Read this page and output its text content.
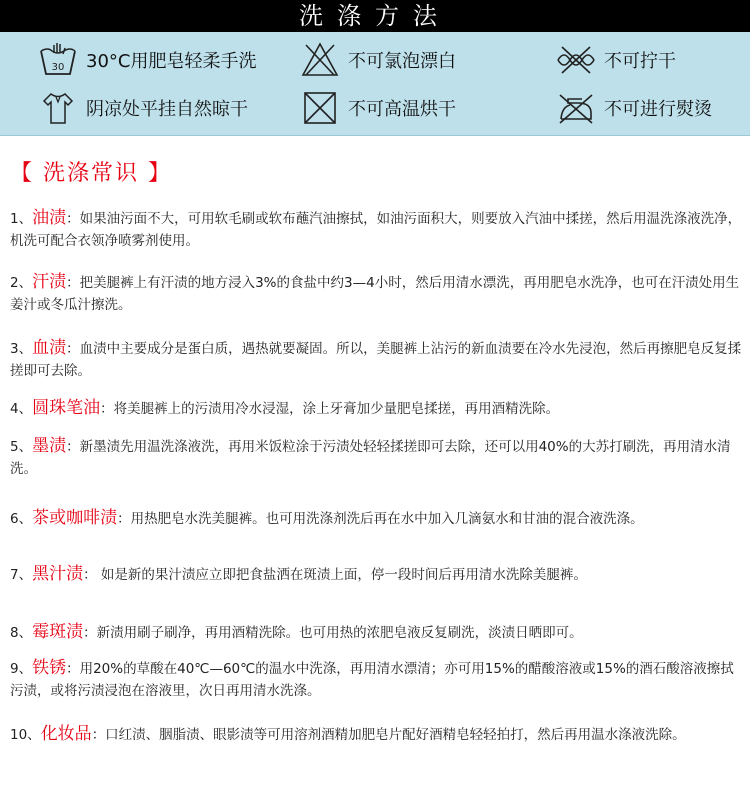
洗涤方法
30 30°C用肥皂轻柔手洗	不可氯泡漂白	不可拧干
阴凉处平挂自然晾干	不可高温烘干	不可进行熨烫
【 洗涤常识 】
1、油渍：如果油污面不大，可用软毛刷或软布蘸汽油擦拭，如油污面积大，则要放入汽油中揉搓，然后用温洗涤液洗净，机洗可配合衣领净喷雾剂使用。
2、汗渍：把美腿裤上有汗渍的地方浸入3%的食盐中约3—4小时，然后用清水漂洗，再用肥皂水洗净，也可在汗渍处用生姜汁或冬瓜汁擦洗。
3、血渍：血渍中主要成分是蛋白质，遇热就要凝固。所以，美腿裤上沾污的新血渍要在冷水先浸泡，然后再擦肥皂反复揉搓即可去除。
4、圆珠笔油：将美腿裤上的污渍用冷水浸湿，涂上牙膏加少量肥皂揉搓，再用酒精洗除。
5、墨渍：新墨渍先用温洗涤液洗，再用米饭粒涂于污渍处轻轻揉搓即可去除，还可以用40%的大苏打刷洗，再用清水清洗。
6、茶或咖啡渍：用热肥皂水洗美腿裤。也可用洗涤剂洗后再在水中加入几滴氨水和甘油的混合液洗涤。
7、黑汁渍： 如是新的果汁渍应立即把食盐洒在斑渍上面，停一段时间后再用清水洗除美腿裤。
8、霉斑渍：新渍用刷子刷净，再用酒精洗除。也可用热的浓肥皂液反复刷洗，淡渍日晒即可。
9、铁锈：用20%的草酸在40℃—60℃的温水中洗涤，再用清水漂清；亦可用15%的醋酸溶液或15%的酒石酸溶液擦拭污渍，或将污渍浸泡在溶液里，次日再用清水洗涤。
10、化妆品：口红渍、胭脂渍、眼影渍等可用溶剂酒精加肥皂片配好酒精皂轻轻拍打，然后再用温水涤液洗除。
